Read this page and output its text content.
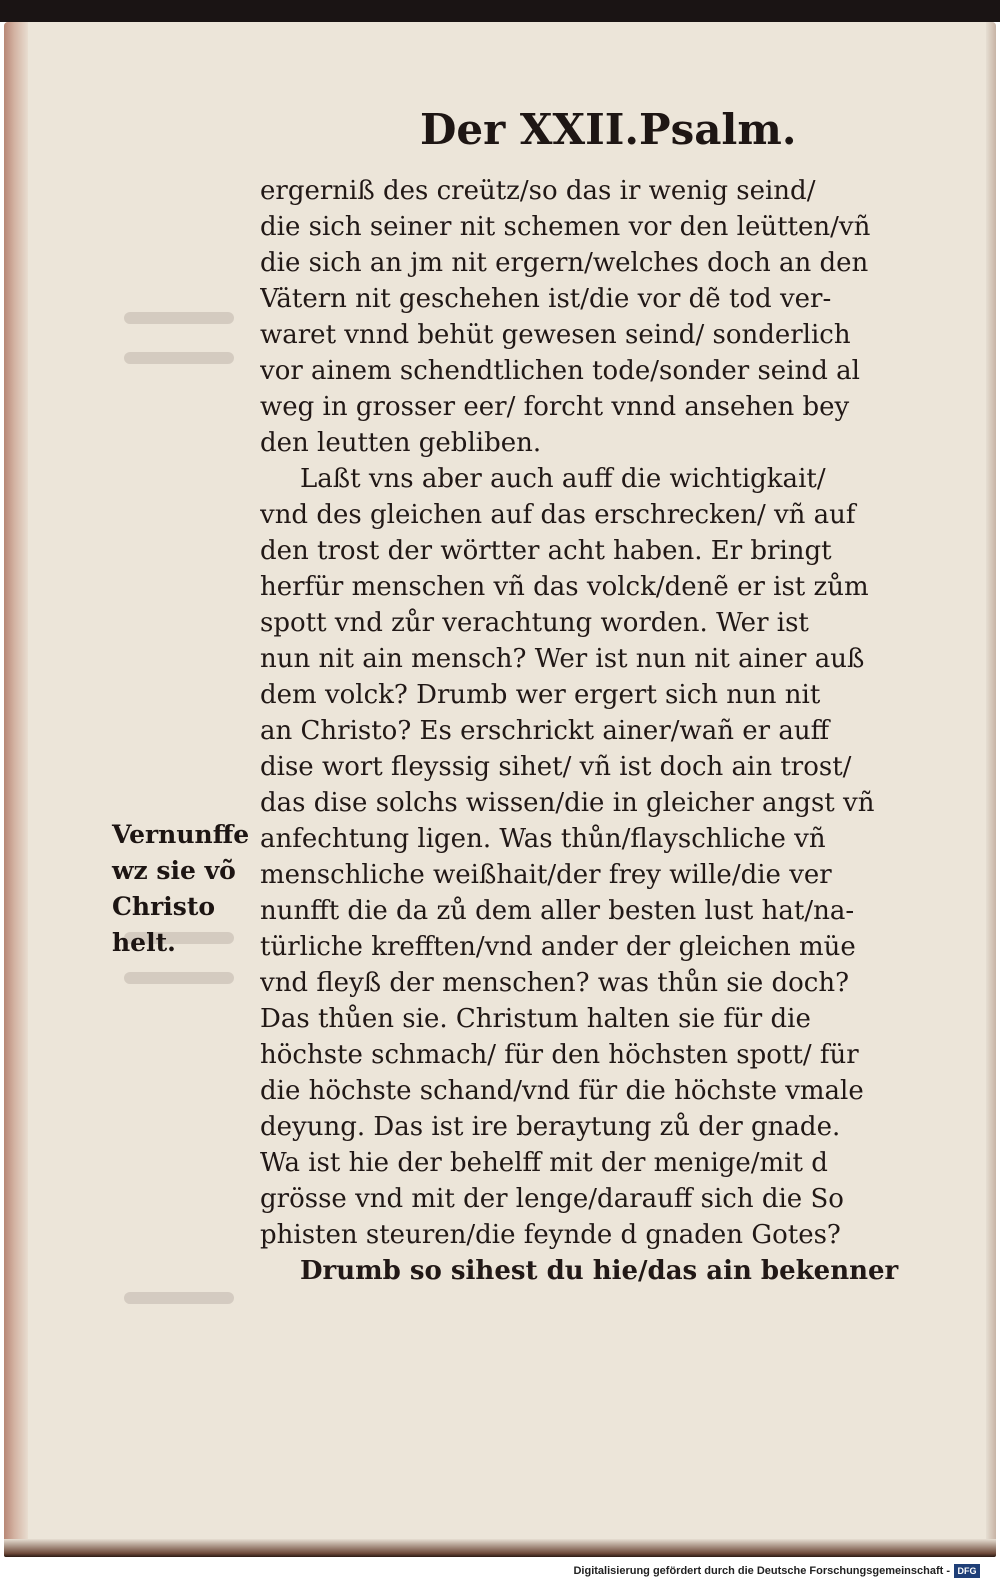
Der XXII.Psalm.
ergerniß des creütz/so das ir wenig seind/
die sich seiner nit schemen vor den leütten/vñ
die sich an jm nit ergern/welches doch an den
Vätern nit geschehen ist/die vor dẽ tod ver-
waret vnnd behüt gewesen seind/ sonderlich
vor ainem schendtlichen tode/sonder seind al
weg in grosser eer/ forcht vnnd ansehen bey
den leutten gebliben.
Laßt vns aber auch auff die wichtigkait/
vnd des gleichen auf das erschrecken/ vñ auf
den trost der wörtter acht haben. Er bringt
herfür menschen vñ das volck/denẽ er ist zům
spott vnd zůr verachtung worden. Wer ist
nun nit ain mensch? Wer ist nun nit ainer auß
dem volck? Drumb wer ergert sich nun nit
an Christo? Es erschrickt ainer/wañ er auff
dise wort fleyssig sihet/ vñ ist doch ain trost/
das dise solchs wissen/die in gleicher angst vñ
anfechtung ligen. Was thůn/flayschliche vñ
menschliche weißhait/der frey wille/die ver
nunfft die da zů dem aller besten lust hat/na-
türliche krefften/vnd ander der gleichen müe
vnd fleyß der menschen? was thůn sie doch?
Das thůen sie. Christum halten sie für die
höchste schmach/ für den höchsten spott/ für
die höchste schand/vnd für die höchste vmale
deyung. Das ist ire beraytung zů der gnade.
Wa ist hie der behelff mit der menige/mit d
grösse vnd mit der lenge/darauff sich die So
phisten steuren/die feynde d gnaden Gotes?
Drumb so sihest du hie/das ain bekenner
Vernunffe
wz sie võ
Christo
helt.
Digitalisierung gefördert durch die Deutsche Forschungsgemeinschaft - DFG
